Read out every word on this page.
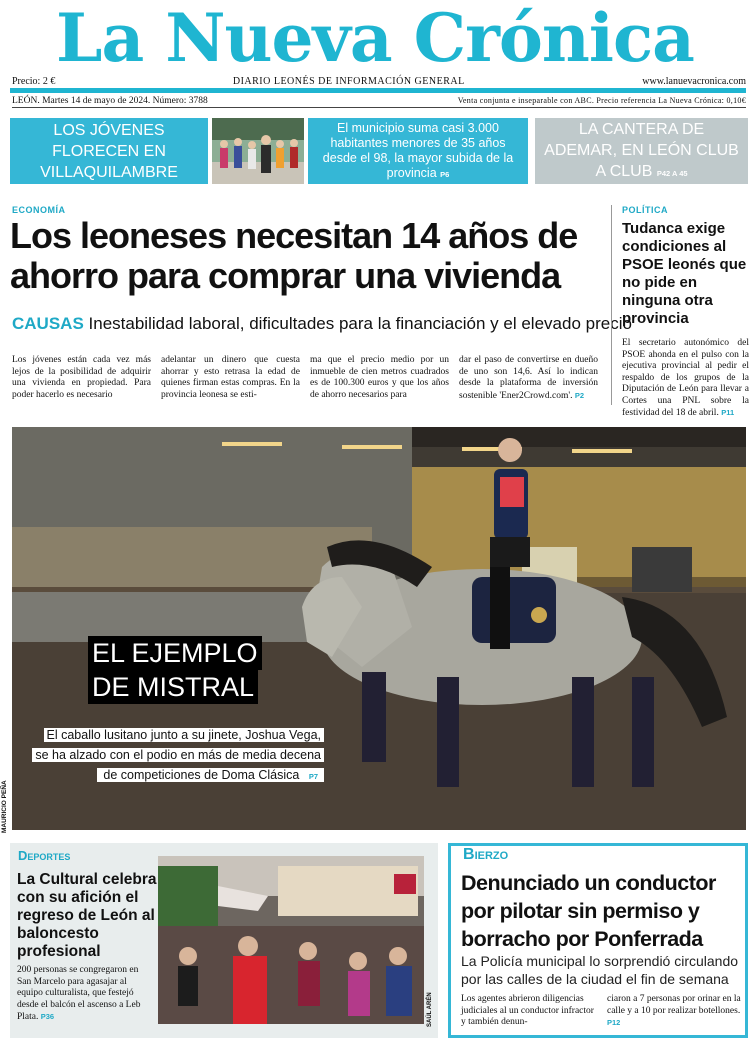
La Nueva Crónica
Precio: 2 €	DIARIO LEONÉS DE INFORMACIÓN GENERAL	www.lanuevacronica.com
LEÓN. Martes 14 de mayo de 2024. Número: 3788	Venta conjunta e inseparable con ABC. Precio referencia La Nueva Crónica: 0,10€
LOS JÓVENES FLORECEN EN VILLAQUILAMBRE
El municipio suma casi 3.000 habitantes menores de 35 años desde el 98, la mayor subida de la provincia P6
LA CANTERA DE ADEMAR, EN LEÓN CLUB A CLUB P42 A 45
ECONOMÍA
Los leoneses necesitan 14 años de ahorro para comprar una vivienda
CAUSAS Inestabilidad laboral, dificultades para la financiación y el elevado precio

Los jóvenes están cada vez más lejos de la posibilidad de adquirir una vivienda en propiedad. Para poder hacerlo es necesario

adelantar un dinero que cuesta ahorrar y esto retrasa la edad de quienes firman estas compras. En la provincia leonesa se esti-

ma que el precio medio por un inmueble de cien metros cuadrados es de 100.300 euros y que los años de ahorro necesarios para

dar el paso de convertirse en dueño de uno son 14,6. Así lo indican desde la plataforma de inversión sostenible 'Ener2Crowd.com'. P2

POLÍTICA
Tudanca exige condiciones al PSOE leonés que no pide en ninguna otra provincia

El secretario autonómico del PSOE ahonda en el pulso con la ejecutiva provincial al pedir el respaldo de los grupos de la Diputación de León para llevar a Cortes una PNL sobre la festividad del 18 de abril. P11

MAURICIO PEÑA
EL EJEMPLO
DE MISTRAL
El caballo lusitano junto a su jinete, Joshua Vega,
se ha alzado con el podio en más de media decena
de competiciones de Doma Clásica P7
DEPORTES
La Cultural celebra con su afición el regreso de León al baloncesto profesional

200 personas se congregaron en San Marcelo para agasajar al equipo culturalista, que festejó desde el balcón el ascenso a Leb Plata. P36	SAÚL ARÉN
BIERZO
Denunciado un conductor por pilotar sin permiso y borracho por Ponferrada

La Policía municipal lo sorprendió circulando por las calles de la ciudad el fin de semana

Los agentes abrieron diligencias judiciales al un conductor infractor y también denun-

ciaron a 7 personas por orinar en la calle y a 10 por realizar botellones. P12
